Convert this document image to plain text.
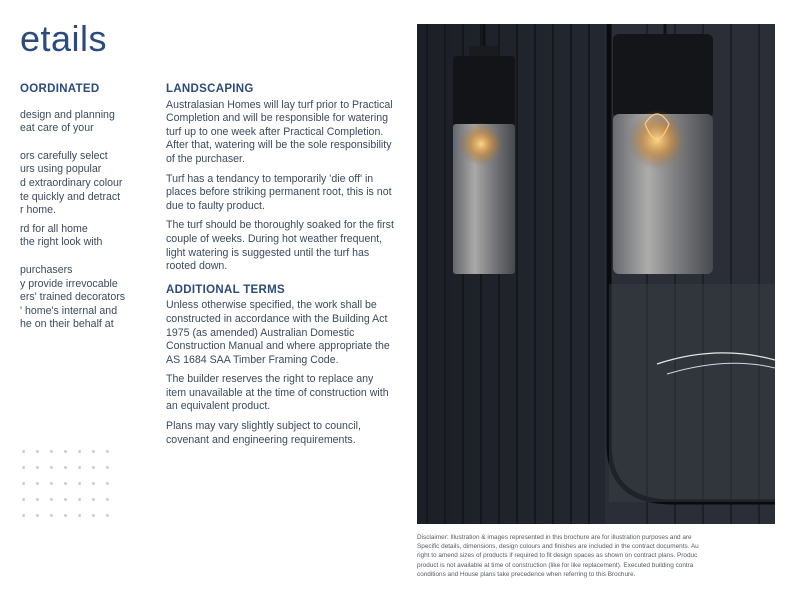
etails
OORDINATED
design and planning
eat care of your
ors carefully select
urs using popular
d extraordinary colour
te quickly and detract
r home.
rd for all home
the right look with
purchasers
y provide irrevocable
ers' trained decorators
' home's internal and
he on their behalf at
LANDSCAPING

Australasian Homes will lay turf prior to Practical Completion and will be responsible for watering turf up to one week after Practical Completion. After that, watering will be the sole responsibility of the purchaser.

Turf has a tendancy to temporarily 'die off' in places before striking permanent root, this is not due to faulty product.

The turf should be thoroughly soaked for the first couple of weeks. During hot weather frequent, light watering is suggested until the turf has rooted down.

ADDITIONAL TERMS

Unless otherwise specified, the work shall be constructed in accordance with the Building Act 1975 (as amended) Australian Domestic Construction Manual and where appropriate the AS 1684 SAA Timber Framing Code.

The builder reserves the right to replace any item unavailable at the time of construction with an equivalent product.

Plans may vary slightly subject to council, covenant and engineering requirements.

Disclaimer: Illustration & images represented in this brochure are for illustration purposes and are
Specific details, dimensions, design colours and finishes are included in the contract documents. Au
right to amend sizes of products if required to fit design spaces as shown on contract plans. Produc
product is not available at time of construction (like for like replacement). Executed building contra
conditions and House plans take precedence when referring to this Brochure.
